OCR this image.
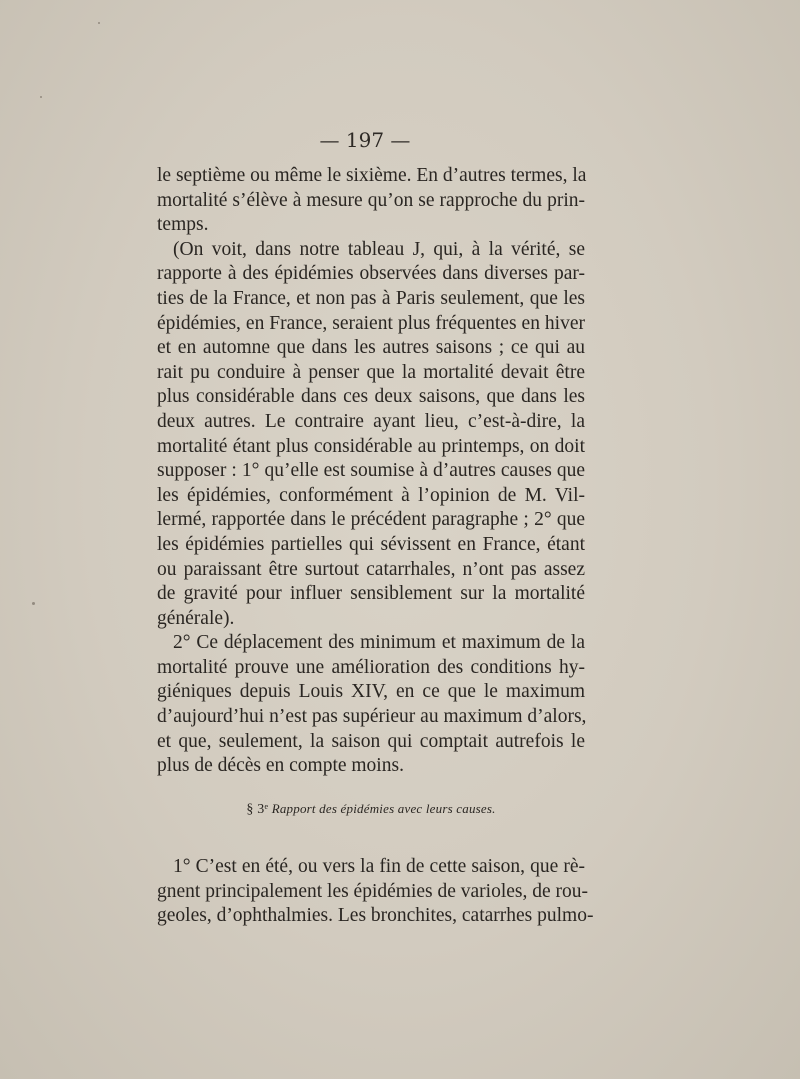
— 197 —
le septième ou même le sixième. En d’autres termes, la
mortalité s’élève à mesure qu’on se rapproche du prin-
temps.
(On voit, dans notre tableau J, qui, à la vérité, se
rapporte à des épidémies observées dans diverses par-
ties de la France, et non pas à Paris seulement, que les
épidémies, en France, seraient plus fréquentes en hiver
et en automne que dans les autres saisons ; ce qui au
rait pu conduire à penser que la mortalité devait être
plus considérable dans ces deux saisons, que dans les
deux autres. Le contraire ayant lieu, c’est-à-dire, la
mortalité étant plus considérable au printemps, on doit
supposer : 1° qu’elle est soumise à d’autres causes que
les épidémies, conformément à l’opinion de M. Vil-
lermé, rapportée dans le précédent paragraphe ; 2° que
les épidémies partielles qui sévissent en France, étant
ou paraissant être surtout catarrhales, n’ont pas assez
de gravité pour influer sensiblement sur la mortalité
générale).
2° Ce déplacement des minimum et maximum de la
mortalité prouve une amélioration des conditions hy-
giéniques depuis Louis XIV, en ce que le maximum
d’aujourd’hui n’est pas supérieur au maximum d’alors,
et que, seulement, la saison qui comptait autrefois le
plus de décès en compte moins.
§ 3ᵉ Rapport des épidémies avec leurs causes.
1° C’est en été, ou vers la fin de cette saison, que rè-
gnent principalement les épidémies de varioles, de rou-
geoles, d’ophthalmies. Les bronchites, catarrhes pulmo-
